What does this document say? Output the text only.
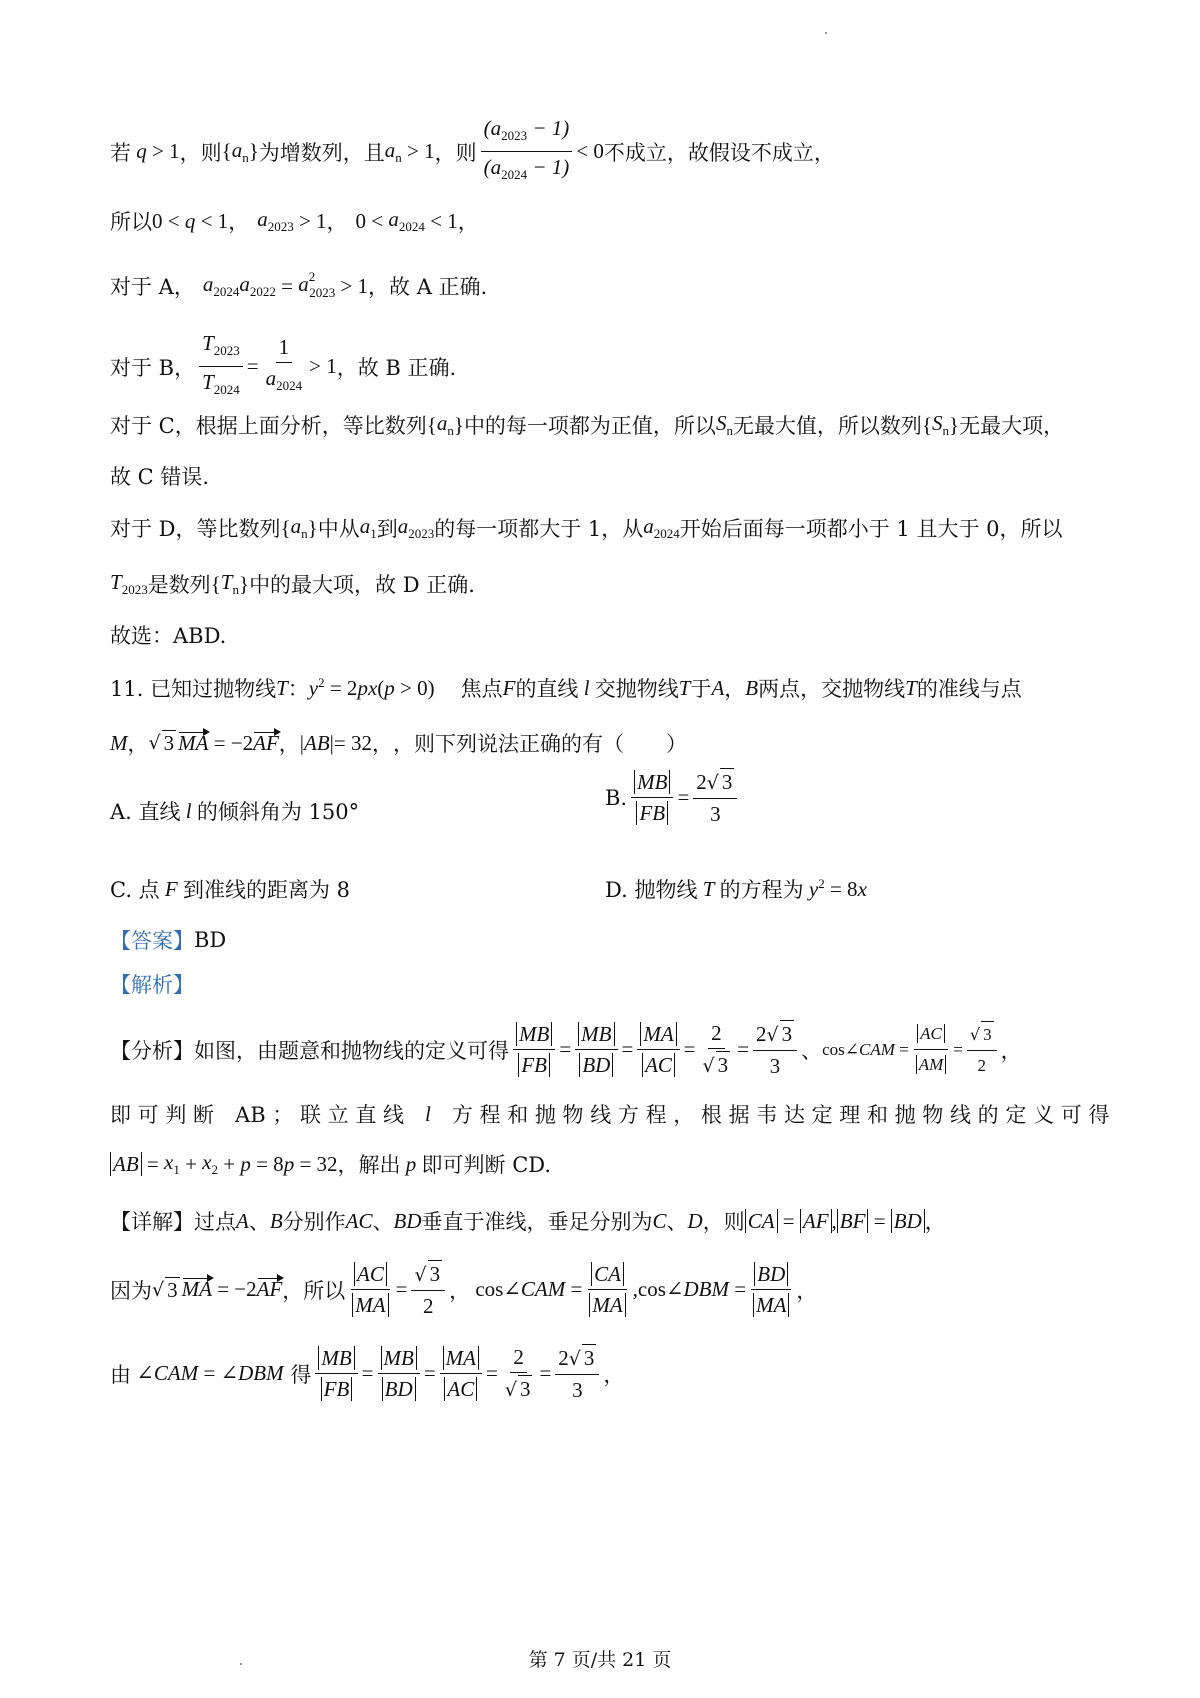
若 q > 1 ，则 { $a_n$ } 为增数列，且 $a_n > 1$ ，则 $\frac{(a_{2023} - 1)}{(a_{2024} - 1)} < 0$ 不成立，故假设不成立，
所以 0 < q < 1 ， $a_{2023} > 1$ ， $0 < a_{2024} < 1$ ，
对于 A， $a_{2024}a_{2022} = a^2_{2023} > 1$ ，故 A 正确.
对于 B， $\frac{T_{2023}}{T_{2024}} = \frac{1}{a_{2024}} > 1$ ，故 B 正确.
对于 C，根据上面分析，等比数列 { $a_n$ } 中的每一项都为正值，所以 $S_n$ 无最大值，所以数列 { $S_n$ } 无最大项，
故 C 错误.
对于 D，等比数列 { $a_n$ } 中从 $a_1$ 到 $a_{2023}$ 的每一项都大于 1，从 $a_{2024}$ 开始后面每一项都小于 1 且大于 0，所以
$T_{2023}$ 是数列 { $T_n$ } 中的最大项，故 D 正确.
故选：ABD.
11. 已知过抛物线 T ： $y^2 = 2$ px ( p > 0) 焦点 F 的直线 l 交抛物线 T 于 A ， B 两点，交抛物线 T 的准线与点
M ， √ 3 MA = −2 AF ， | AB |= 32 ， ，则下列说法正确的有（　　）
A. 直线 l 的倾斜角为 150°
B. $\frac{MB}{FB} = \frac{2√ 3}{3}$
C. 点 F 到准线的距离为 8	D. 抛物线 T 的方程为 $y^2 = 8$ x
【答案】 BD
【解析】
【分析】 如图，由题意和抛物线的定义可得 $\frac{MB}{FB} = \frac{MB}{BD} = \frac{MA}{AC} = \frac{2}{√ 3} = \frac{2√ 3}{3}$ 、 cos∠ CAM = $\frac{AC}{AM} = \frac{√ 3}{2}$ ，
即 可 判 断　AB ； 联 立 直 线　 l 　方 程 和 抛 物 线 方 程 ， 根 据 韦 达 定 理 和 抛 物 线 的 定 义 可 得
AB = $x_1 + x_2 + p = 8$ p = 32 ，解出 p 即可判断 CD.
【详解】 过点 A 、 B 分别作 AC 、 BD 垂直于准线，垂足分别为 C 、 D ，则 CA = AF , BF = BD ，
因为 √ 3 MA = −2 AF ，所以 $\frac{AC}{MA} = \frac{√ 3}{2}$ ， cos∠ CAM = $\frac{CA}{MA}$ ,cos∠ DBM = $\frac{BD}{MA}$ ，
由 ∠ CAM = ∠ DBM
得 $\frac{MB}{FB} = \frac{MB}{BD} = \frac{MA}{AC} = \frac{2}{√ 3} = \frac{2√ 3}{3}$ ，
第 7 页/共 21 页
